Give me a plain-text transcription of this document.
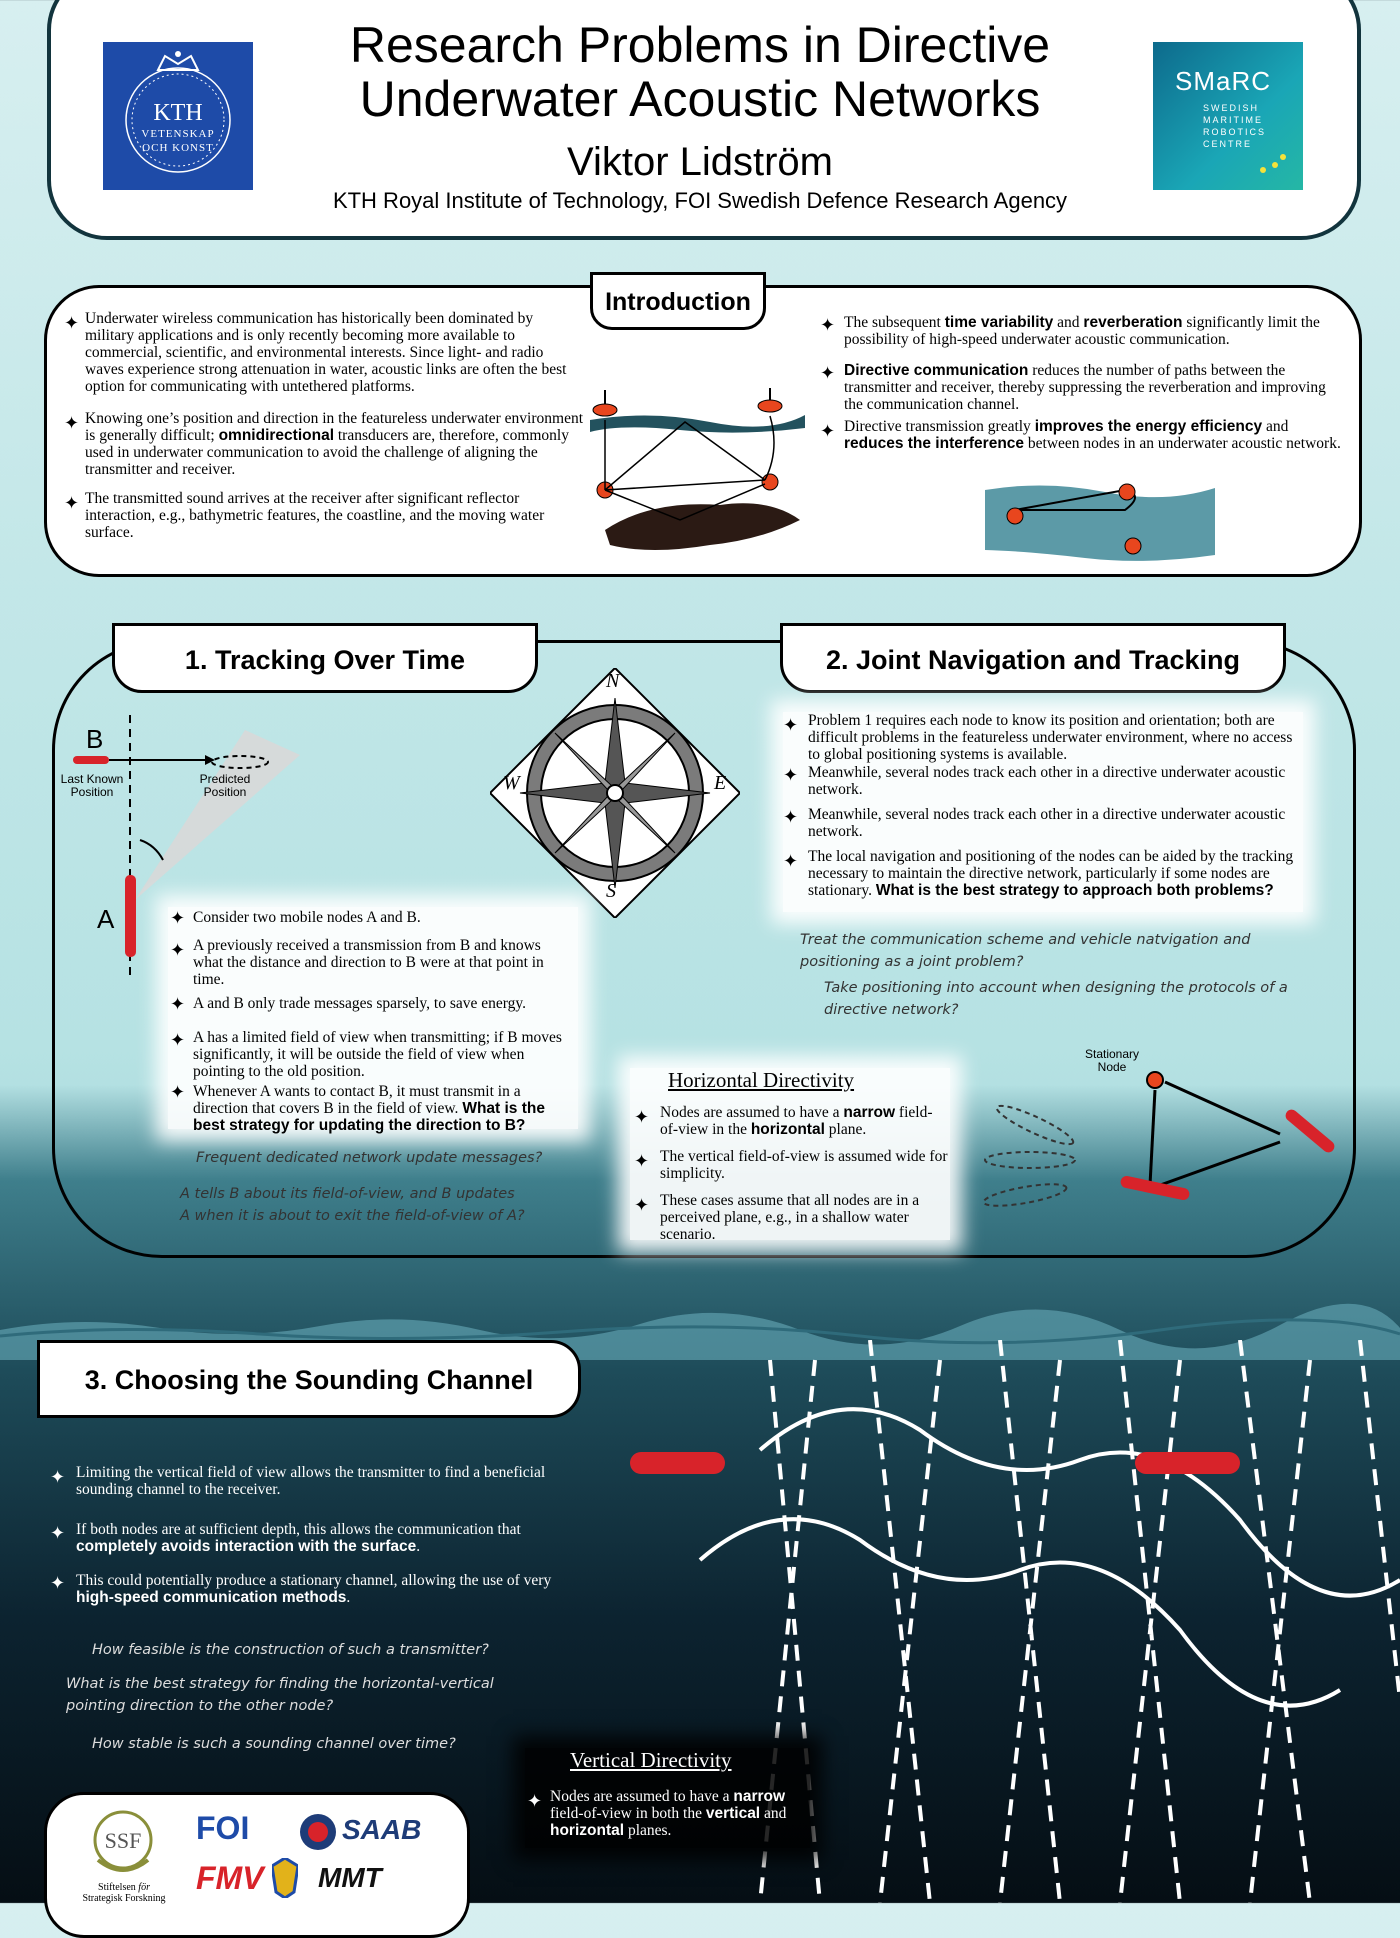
KTH
VETENSKAP
OCH KONST
Research Problems in Directive
Underwater Acoustic Networks
Viktor Lidström
KTH Royal Institute of Technology, FOI Swedish Defence Research Agency
SMaRC
SWEDISH
MARITIME
ROBOTICS
CENTRE
Introduction
✦ Underwater wireless communication has historically been dominated by military applications and is only recently becoming more available to commercial, scientific, and environmental interests. Since light- and radio waves experience strong attenuation in water, acoustic links are often the best option for communicating with untethered platforms.
✦ Knowing one’s position and direction in the featureless underwater environment is generally difficult; omnidirectional transducers are, therefore, commonly used in underwater communication to avoid the challenge of aligning the transmitter and receiver.
✦ The transmitted sound arrives at the receiver after significant reflector interaction, e.g., bathymetric features, the coastline, and the moving water surface.
✦ The subsequent time variability and reverberation significantly limit the possibility of high-speed underwater acoustic communication.
✦ Directive communication reduces the number of paths between the transmitter and receiver, thereby suppressing the reverberation and improving the communication channel.
✦ Directive transmission greatly improves the energy efficiency and reduces the interference between nodes in an underwater acoustic network.
1. Tracking Over Time	2. Joint Navigation and Tracking
B
A
Last Known
Position
Predicted
Position
N
E
S
W
✦ Consider two mobile nodes A and B.
✦ A previously received a transmission from B and knows what the distance and direction to B were at that point in time.
✦ A and B only trade messages sparsely, to save energy.
✦ A has a limited field of view when transmitting; if B moves significantly, it will be outside the field of view when pointing to the old position.
✦ Whenever A wants to contact B, it must transmit in a direction that covers B in the field of view. What is the best strategy for updating the direction to B?
Frequent dedicated network update messages?
A tells B about its field-of-view, and B updates
A when it is about to exit the field-of-view of A?
✦ Problem 1 requires each node to know its position and orientation; both are difficult problems in the featureless underwater environment, where no access to global positioning systems is available.
✦ Meanwhile, several nodes track each other in a directive underwater acoustic network.
✦ Meanwhile, several nodes track each other in a directive underwater acoustic network.
✦ The local navigation and positioning of the nodes can be aided by the tracking necessary to maintain the directive network, particularly if some nodes are stationary. What is the best strategy to approach both problems?
Treat the communication scheme and vehicle natvigation and
positioning as a joint problem?
Take positioning into account when designing the protocols of a
directive network?
Horizontal Directivity
✦ Nodes are assumed to have a narrow field-of-view in the horizontal plane.
✦ The vertical field-of-view is assumed wide for simplicity.
✦ These cases assume that all nodes are in a perceived plane, e.g., in a shallow water scenario.
Stationary
Node
3. Choosing the Sounding Channel
✦ Limiting the vertical field of view allows the transmitter to find a beneficial sounding channel to the receiver.
✦ If both nodes are at sufficient depth, this allows the communication that completely avoids interaction with the surface.
✦ This could potentially produce a stationary channel, allowing the use of very high-speed communication methods.
How feasible is the construction of such a transmitter?
What is the best strategy for finding the horizontal-vertical
pointing direction to the other node?
How stable is such a sounding channel over time?
Vertical Directivity
✦ Nodes are assumed to have a narrow field-of-view in both the vertical and horizontal planes.
SSF
Stiftelsen för
Strategisk Forskning
FOI	SAAB
FMV MMT
